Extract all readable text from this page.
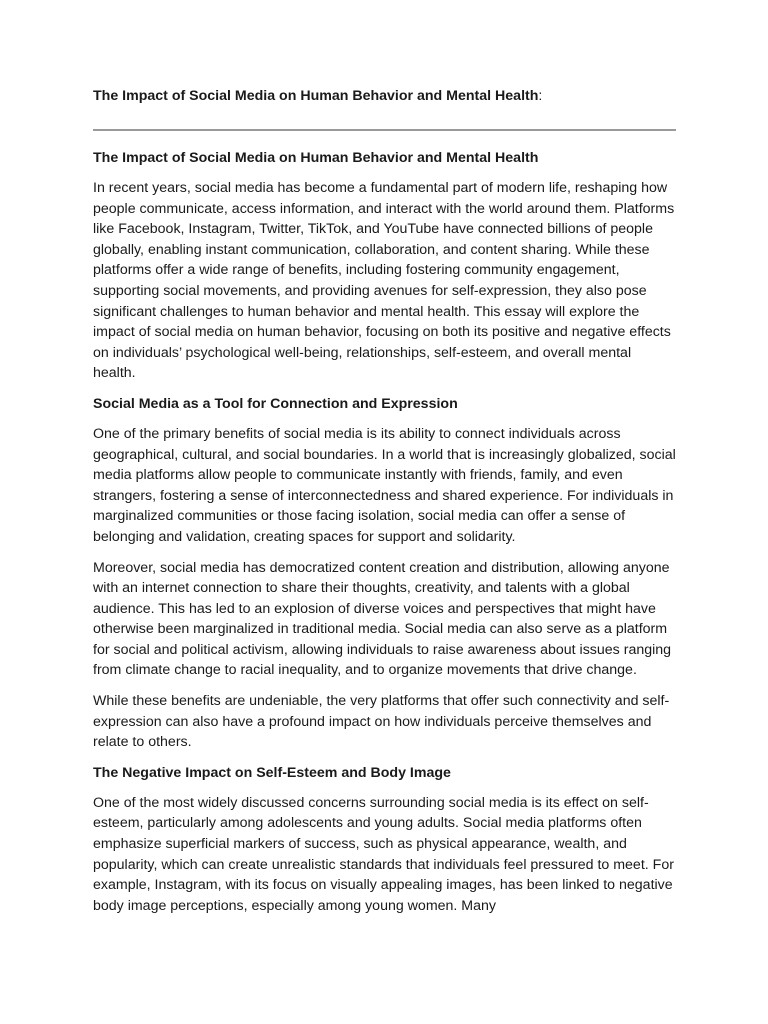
The Impact of Social Media on Human Behavior and Mental Health:

The Impact of Social Media on Human Behavior and Mental Health

In recent years, social media has become a fundamental part of modern life, reshaping how people communicate, access information, and interact with the world around them. Platforms like Facebook, Instagram, Twitter, TikTok, and YouTube have connected billions of people globally, enabling instant communication, collaboration, and content sharing. While these platforms offer a wide range of benefits, including fostering community engagement, supporting social movements, and providing avenues for self-expression, they also pose significant challenges to human behavior and mental health. This essay will explore the impact of social media on human behavior, focusing on both its positive and negative effects on individuals’ psychological well-being, relationships, self-esteem, and overall mental health.

Social Media as a Tool for Connection and Expression

One of the primary benefits of social media is its ability to connect individuals across geographical, cultural, and social boundaries. In a world that is increasingly globalized, social media platforms allow people to communicate instantly with friends, family, and even strangers, fostering a sense of interconnectedness and shared experience. For individuals in marginalized communities or those facing isolation, social media can offer a sense of belonging and validation, creating spaces for support and solidarity.

Moreover, social media has democratized content creation and distribution, allowing anyone with an internet connection to share their thoughts, creativity, and talents with a global audience. This has led to an explosion of diverse voices and perspectives that might have otherwise been marginalized in traditional media. Social media can also serve as a platform for social and political activism, allowing individuals to raise awareness about issues ranging from climate change to racial inequality, and to organize movements that drive change.

While these benefits are undeniable, the very platforms that offer such connectivity and self-expression can also have a profound impact on how individuals perceive themselves and relate to others.

The Negative Impact on Self-Esteem and Body Image

One of the most widely discussed concerns surrounding social media is its effect on self-esteem, particularly among adolescents and young adults. Social media platforms often emphasize superficial markers of success, such as physical appearance, wealth, and popularity, which can create unrealistic standards that individuals feel pressured to meet. For example, Instagram, with its focus on visually appealing images, has been linked to negative body image perceptions, especially among young women. Many
